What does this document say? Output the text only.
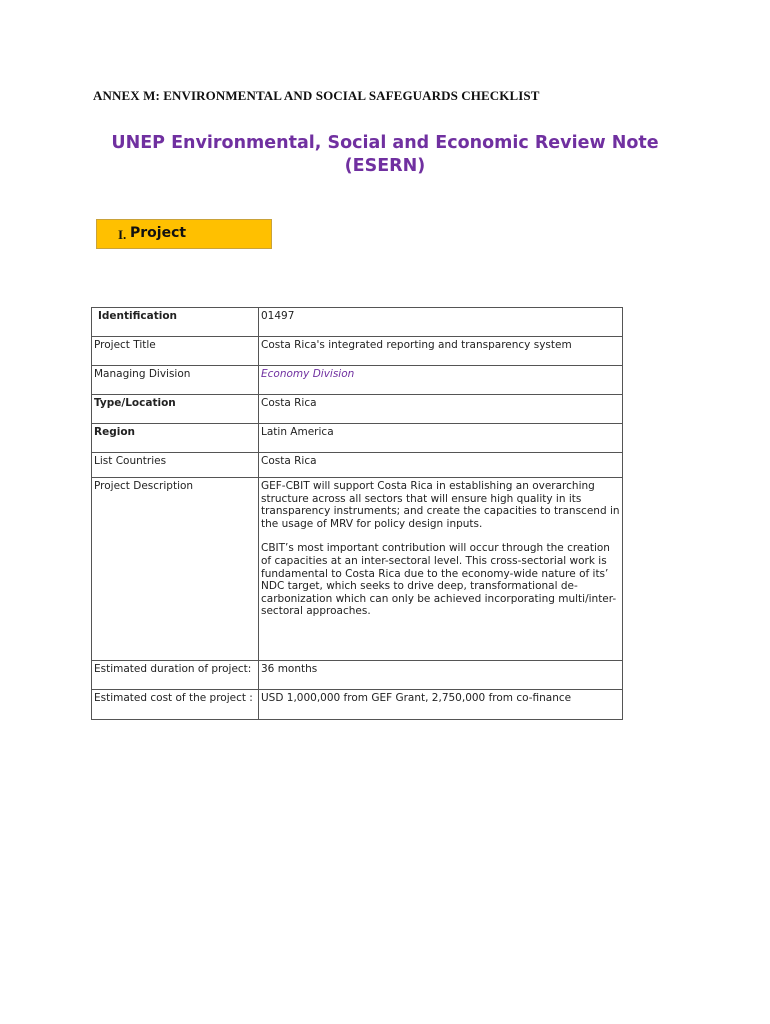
ANNEX M: ENVIRONMENTAL AND SOCIAL SAFEGUARDS CHECKLIST
UNEP Environmental, Social and Economic Review Note
(ESERN)
I. Project
Identification	01497
Project Title	Costa Rica's integrated reporting and transparency system
Managing Division	Economy Division
Type/Location	Costa Rica
Region	Latin America
List Countries	Costa Rica
Project Description	GEF-CBIT will support Costa Rica in establishing an overarching structure across all sectors that will ensure high quality in its transparency instruments; and create the capacities to transcend in the usage of MRV for policy design inputs.

CBIT’s most important contribution will occur through the creation of capacities at an inter-sectoral level. This cross-sectorial work is fundamental to Costa Rica due to the economy-wide nature of its’ NDC target, which seeks to drive deep, transformational de-carbonization which can only be achieved incorporating multi/inter-sectoral approaches.

Estimated duration of project:	36 months
Estimated cost of the project :	USD 1,000,000 from GEF Grant, 2,750,000 from co-finance
